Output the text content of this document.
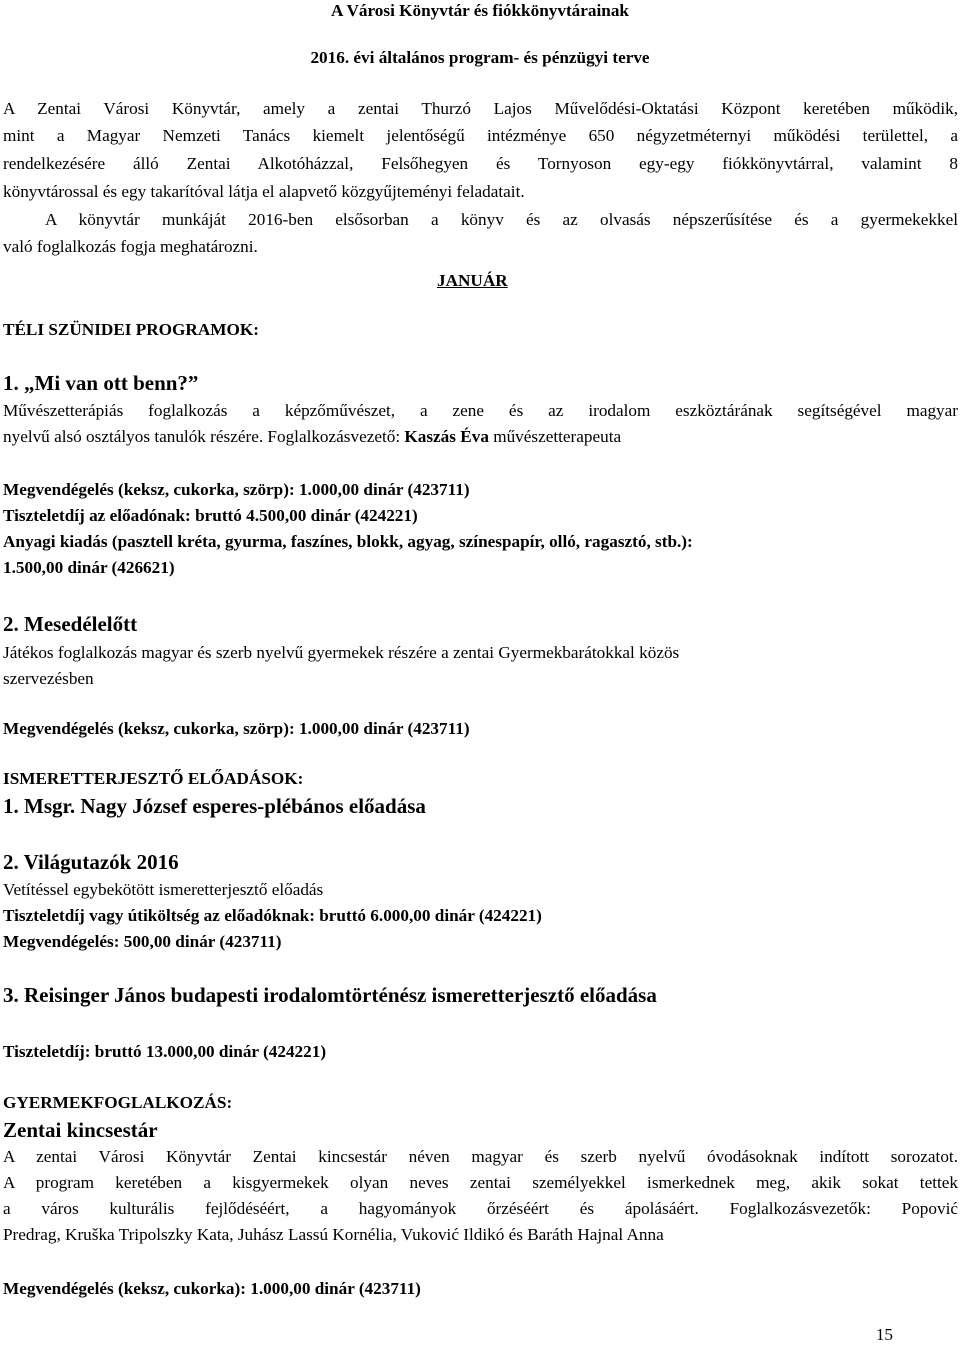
A Városi Könyvtár és fiókkönyvtárainak

2016. évi általános program- és pénzügyi terve

A Zentai Városi Könyvtár, amely a zentai Thurzó Lajos Művelődési-Oktatási Központ keretében működik,

mint a Magyar Nemzeti Tanács kiemelt jelentőségű intézménye 650 négyzetméternyi működési területtel, a

rendelkezésére álló Zentai Alkotóházzal, Felsőhegyen és Tornyoson egy-egy fiókkönyvtárral, valamint 8

könyvtárossal és egy takarítóval látja el alapvető közgyűjteményi feladatait.

A könyvtár munkáját 2016-ben elsősorban a könyv és az olvasás népszerűsítése és a gyermekekkel

való foglalkozás fogja meghatározni.

JANUÁR

TÉLI SZÜNIDEI PROGRAMOK:

1. „Mi van ott benn?”

Művészetterápiás foglalkozás a képzőművészet, a zene és az irodalom eszköztárának segítségével magyar

nyelvű alsó osztályos tanulók részére. Foglalkozásvezető: Kaszás Éva művészetterapeuta

Megvendégelés (keksz, cukorka, szörp): 1.000,00 dinár (423711)

Tiszteletdíj az előadónak: bruttó 4.500,00 dinár (424221)

Anyagi kiadás (pasztell kréta, gyurma, faszínes, blokk, agyag, színespapír, olló, ragasztó, stb.):

1.500,00 dinár (426621)

2. Mesedélelőtt

Játékos foglalkozás magyar és szerb nyelvű gyermekek részére a zentai Gyermekbarátokkal közös

szervezésben

Megvendégelés (keksz, cukorka, szörp): 1.000,00 dinár (423711)

ISMERETTERJESZTŐ ELŐADÁSOK:

1. Msgr. Nagy József esperes-plébános előadása

2. Világutazók 2016

Vetítéssel egybekötött ismeretterjesztő előadás

Tiszteletdíj vagy útiköltség az előadóknak: bruttó 6.000,00 dinár (424221)

Megvendégelés: 500,00 dinár (423711)

3. Reisinger János budapesti irodalomtörténész ismeretterjesztő előadása

Tiszteletdíj: bruttó 13.000,00 dinár (424221)

GYERMEKFOGLALKOZÁS:

Zentai kincsestár

A zentai Városi Könyvtár Zentai kincsestár néven magyar és szerb nyelvű óvodásoknak indított sorozatot.

A program keretében a kisgyermekek olyan neves zentai személyekkel ismerkednek meg, akik sokat tettek

a város kulturális fejlődéséért, a hagyományok őrzéséért és ápolásáért. Foglalkozásvezetők: Popović

Predrag, Kruška Tripolszky Kata, Juhász Lassú Kornélia, Vuković Ildikó és Baráth Hajnal Anna

Megvendégelés (keksz, cukorka): 1.000,00 dinár (423711)

15
